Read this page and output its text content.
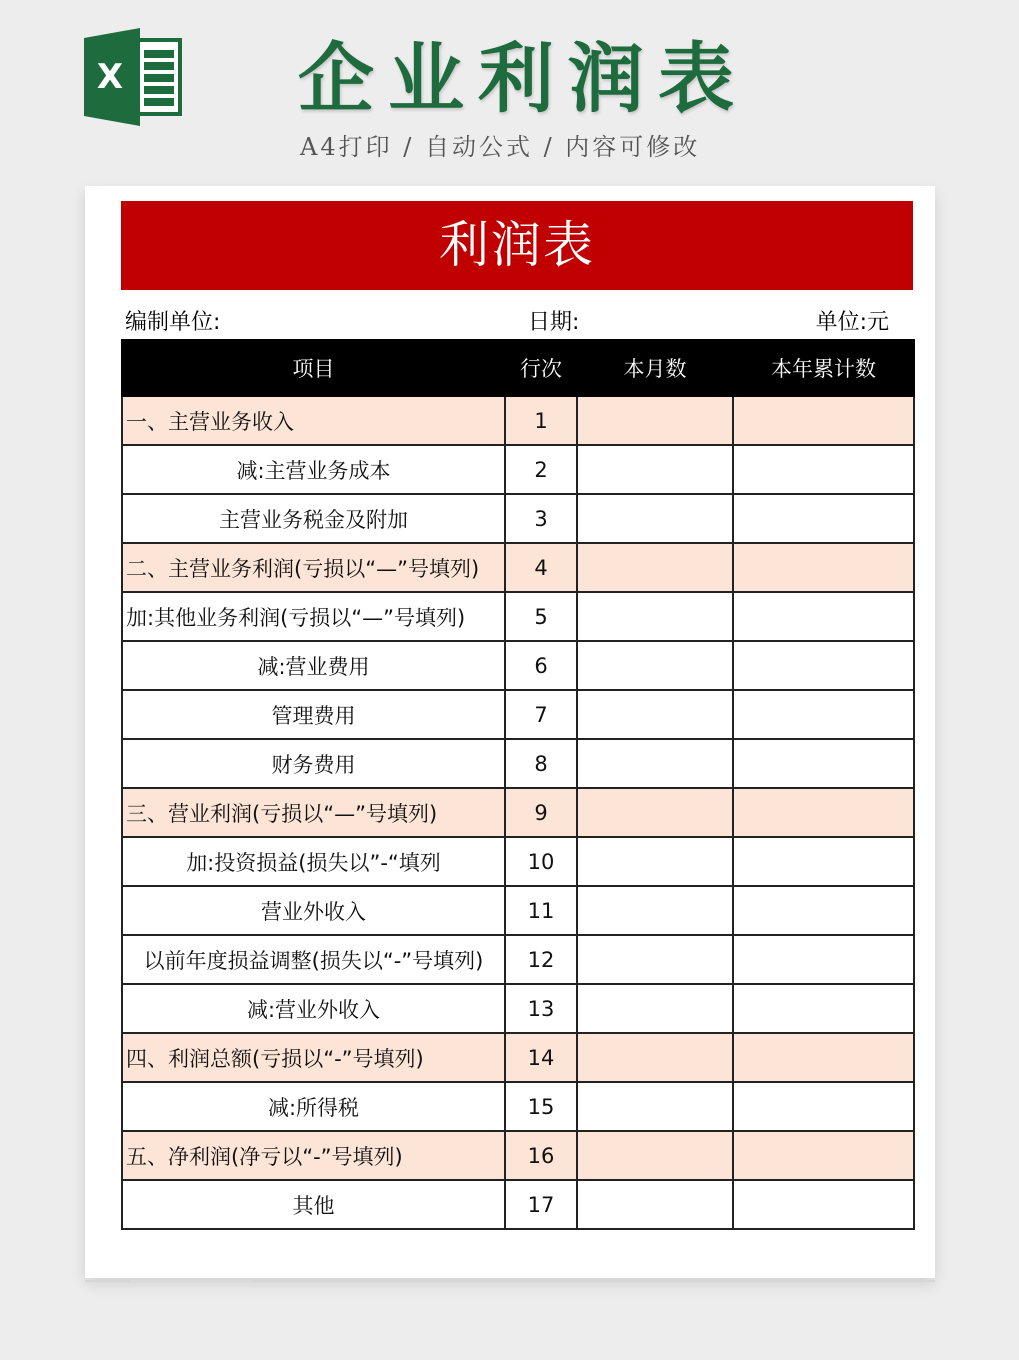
X 企业利润表
A4打印 / 自动公式 / 内容可修改
利润表
编制单位:	日期:	单位:元
项目	行次	本月数	本年累计数
一、主营业务收入	1		
减:主营业务成本	2		
主营业务税金及附加	3		
二、主营业务利润(亏损以“—”号填列)	4		
加:其他业务利润(亏损以“—”号填列)	5		
减:营业费用	6		
管理费用	7		
财务费用	8		
三、营业利润(亏损以“—”号填列)	9		
加:投资损益(损失以”-“填列	10		
营业外收入	11		
以前年度损益调整(损失以“-”号填列)	12		
减:营业外收入	13		
四、利润总额(亏损以“-”号填列)	14		
减:所得税	15		
五、净利润(净亏以“-”号填列)	16		
其他	17		
